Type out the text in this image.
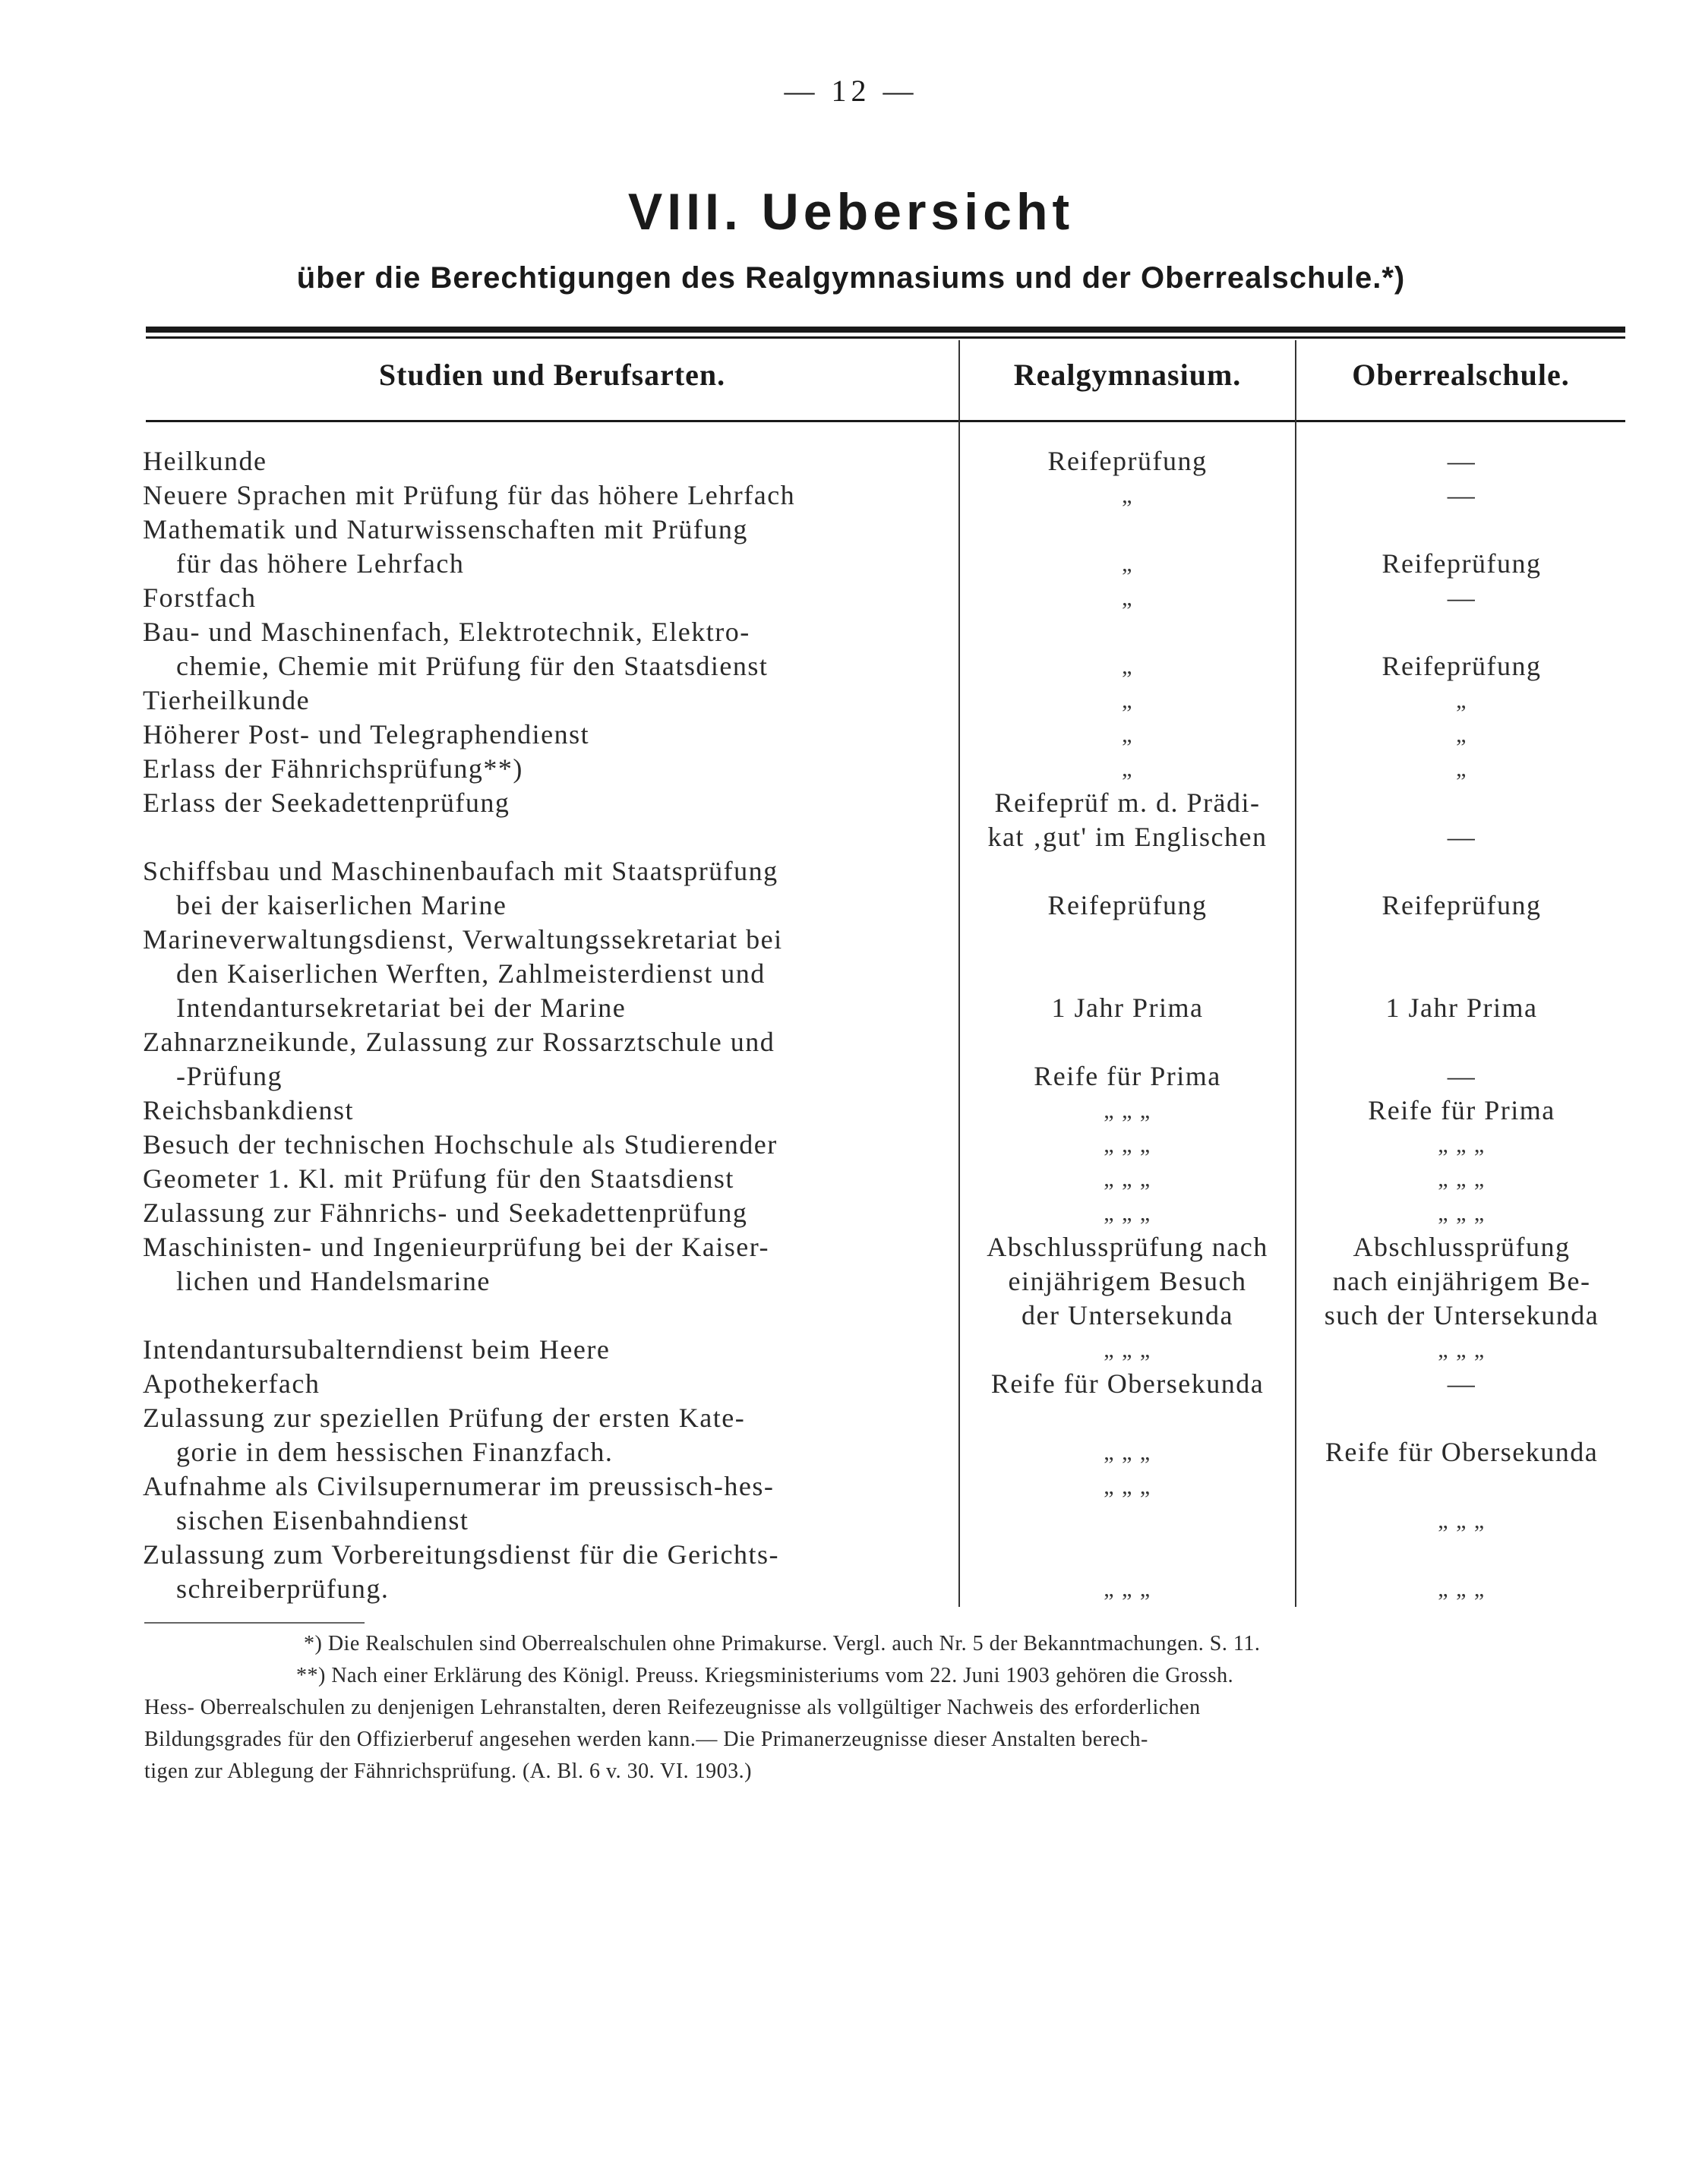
— 12 —
VIII. Uebersicht
über die Berechtigungen des Realgymnasiums und der Oberrealschule.*)
Studien und Berufsarten.	Realgymnasium.	Oberrealschule.
Heilkunde
Neuere Sprachen mit Prüfung für das höhere Lehrfach
Mathematik und Naturwissenschaften mit Prüfung
für das höhere Lehrfach
Forstfach
Bau- und Maschinenfach, Elektrotechnik, Elektro-
chemie, Chemie mit Prüfung für den Staatsdienst
Tierheilkunde
Höherer Post- und Telegraphendienst
Erlass der Fähnrichsprüfung**)
Erlass der Seekadettenprüfung
Schiffsbau und Maschinenbaufach mit Staatsprüfung
bei der kaiserlichen Marine
Marineverwaltungsdienst, Verwaltungssekretariat bei
den Kaiserlichen Werften, Zahlmeisterdienst und
Intendantursekretariat bei der Marine
Zahnarzneikunde, Zulassung zur Rossarztschule und
-Prüfung
Reichsbankdienst
Besuch der technischen Hochschule als Studierender
Geometer 1. Kl. mit Prüfung für den Staatsdienst
Zulassung zur Fähnrichs- und Seekadettenprüfung
Maschinisten- und Ingenieurprüfung bei der Kaiser-
lichen und Handelsmarine
Intendantursubalterndienst beim Heere
Apothekerfach
Zulassung zur speziellen Prüfung der ersten Kate-
gorie in dem hessischen Finanzfach.
Aufnahme als Civilsupernumerar im preussisch-hes-
sischen Eisenbahndienst
Zulassung zum Vorbereitungsdienst für die Gerichts-
schreiberprüfung.
Reifeprüfung
„
„
„
„
„
„
„
Reifeprüf m. d. Prädi-
kat ‚gut' im Englischen
Reifeprüfung
1 Jahr Prima
Reife für Prima
„ „ „
„ „ „
„ „ „
„ „ „
Abschlussprüfung nach
einjährigem Besuch
der Untersekunda
„ „ „
Reife für Obersekunda
„ „ „
„ „ „
„ „ „
—
—
Reifeprüfung
—
Reifeprüfung
„
„
„
—
Reifeprüfung
1 Jahr Prima
—
Reife für Prima
„ „ „
„ „ „
„ „ „
Abschlussprüfung
nach einjährigem Be-
such der Untersekunda
„ „ „
—
Reife für Obersekunda
„ „ „
„ „ „
*) Die Realschulen sind Oberrealschulen ohne Primakurse. Vergl. auch Nr. 5 der Bekanntmachungen. S. 11.
**) Nach einer Erklärung des Königl. Preuss. Kriegsministeriums vom 22. Juni 1903 gehören die Grossh.
Hess- Oberrealschulen zu denjenigen Lehranstalten, deren Reifezeugnisse als vollgültiger Nachweis des erforderlichen
Bildungsgrades für den Offizierberuf angesehen werden kann.— Die Primanerzeugnisse dieser Anstalten berech-
tigen zur Ablegung der Fähnrichsprüfung. (A. Bl. 6 v. 30. VI. 1903.)
